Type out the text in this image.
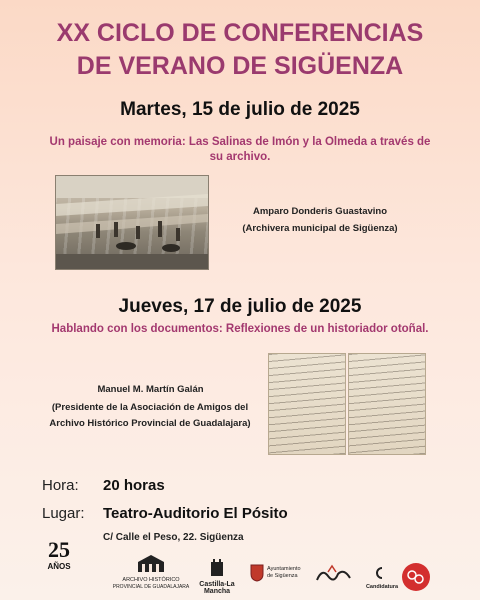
XX CICLO DE CONFERENCIAS
DE VERANO DE SIGÜENZA
Martes, 15 de julio de 2025
Un paisaje con memoria: Las Salinas de Imón y la Olmeda a través de
su archivo.
Amparo Donderis Guastavino
(Archivera municipal de Sigüenza)
Jueves, 17 de julio de 2025
Hablando con los documentos: Reflexiones de un historiador otoñal.
Manuel M. Martín Galán
(Presidente de la Asociación de Amigos del
Archivo Histórico Provincial de Guadalajara)
Hora: 20 horas
Lugar: Teatro-Auditorio El Pósito
C/ Calle el Peso, 22. Sigüenza
25
AÑOS
ARCHIVO HISTÓRICO
PROVINCIAL DE GUADALAJARA	Castilla-La Mancha
Ayuntamiento
de Sigüenza
Candidatura
